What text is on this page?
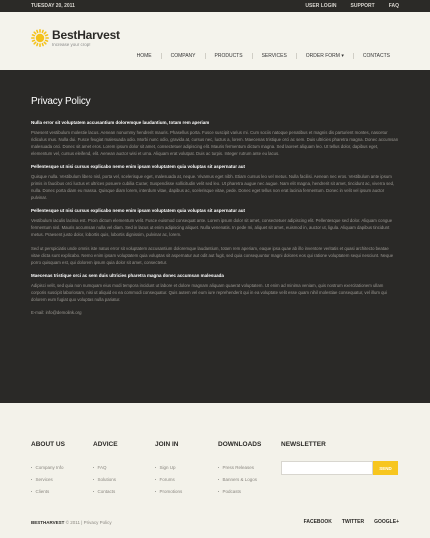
TUESDAY 20, 2011	USER LOGIN	SUPPORT	FAQ
BestHarvest
Increase your crop!
HOME	COMPANY	PRODUCTS	SERVICES	ORDER FORM ▾	CONTACTS
Privacy Policy
Nulla error sit voluptatem accusantium doloremque laudantium, totam rem aperiam

Praesent vestibulum molestie lacus. Aenean nonummy hendrerit mauris. Phasellus porta. Fusce suscipit varius mi. Cum sociis natoque penatibus et magnis dis parturient montes, nascetur ridiculus mus. Nulla dui. Fusce feugiat malesuada odio. Morbi nunc odio, gravida at, cursus nec, luctus a, lorem. Maecenas tristique orci ac sem. Duis ultricies pharetra magna. Donec accumsan malesuada orci. Donec sit amet eros. Lorem ipsum dolor sit amet, consectetuer adipiscing elit. Mauris fermentum dictum magna. Sed laoreet aliquam leo. Ut tellus dolor, dapibus eget, elementum vel, cursus eleifend, elit. Aenean auctor wisi et urna. Aliquam erat volutpat. Duis ac turpis. Integer rutrum ante eu lacus.

Pellentesque ut nisi cursus explicabo nemo enim ipsam voluptatem quia voluptas sit aspernatur aut

Quisque nulla. Vestibulum libero nisl, porta vel, scelerisque eget, malesuada at, neque. Vivamus eget nibh. Etiam cursus leo vel metus. Nulla facilisi. Aenean nec eros. Vestibulum ante ipsum primis in faucibus orci luctus et ultrices posuere cubilia Curae; Suspendisse sollicitudin velit sed leo. Ut pharetra augue nec augue. Nam elit magna, hendrerit sit amet, tincidunt ac, viverra sed, nulla. Donec porta diam eu massa. Quisque diam lorem, interdum vitae, dapibus ac, scelerisque vitae, pede. Donec eget tellus non erat lacinia fermentum. Donec in velit vel ipsum auctor pulvinar.

Pellentesque ut nisi cursus explicabo nemo enim ipsam voluptatem quia voluptas sit aspernatur aut

Vestibulum iaculis lacinia est. Proin dictum elementum velit. Fusce euismod consequat ante. Lorem ipsum dolor sit amet, consectetuer adipiscing elit. Pellentesque sed dolor. Aliquam congue fermentum nisl. Mauris accumsan nulla vel diam. Sed in lacus ut enim adipiscing aliquet. Nulla venenatis. In pede mi, aliquet sit amet, euismod in, auctor ut, ligula. Aliquam dapibus tincidunt metus. Praesent justo dolor, lobortis quis, lobortis dignissim, pulvinar ac, lorem.

Sed ut perspiciatis unde omnis iste natus error sit voluptatem accusantium doloremque laudantium, totam rem aperiam, eaque ipsa quae ab illo inventore veritatis et quasi architecto beatae vitae dicta sunt explicabo. Nemo enim ipsam voluptatem quia voluptas sit aspernatur aut odit aut fugit, sed quia consequuntur magni dolores eos qui ratione voluptatem sequi nesciunt. Neque porro quisquam est, qui dolorem ipsum quia dolor sit amet, consectetur.

Maecenas tristique orci ac sem duis ultricies pharetra magna donec accumsan malesuada

Adipisci velit, sed quia non numquam eius modi tempora incidunt ut labore et dolore magnam aliquam quaerat voluptatem. Ut enim ad minima veniam, quis nostrum exercitationem ullam corporis suscipit laboriosam, nisi ut aliquid ex ea commodi consequatur. Quis autem vel eum iure reprehenderit qui in ea voluptate velit esse quam nihil molestiae consequatur, vel illum qui dolorem eum fugiat quo voluptas nulla pariatur.

E-mail: info@demolink.org
ABOUT US
· Company Info
· Services
· Clients
ADVICE
· FAQ
· Solutions
· Contacts
JOIN IN
· Sign Up
· Forums
· Promotions
DOWNLOADS
· Press Releases
· Banners & Logos
· Podcasts
NEWSLETTER
SEND
BESTHARVEST © 2011 | Privacy Policy	FACEBOOK TWITTER GOOGLE+
